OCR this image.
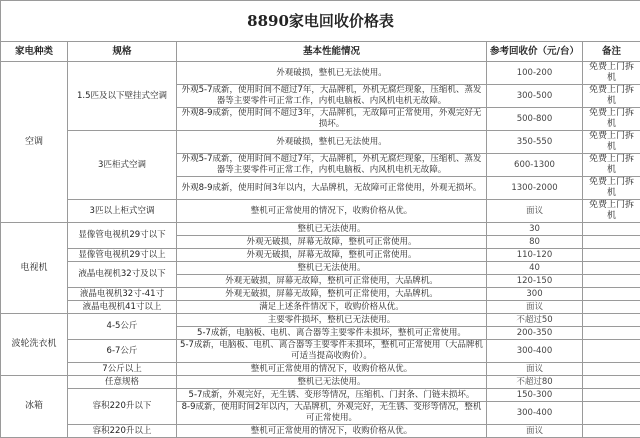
8890家电回收价格表				
家电种类	规格	基本性能情况	参考回收价（元/台）	备注
空调	1.5匹及以下壁挂式空调	外观破损，整机已无法使用。	100-200	免费上门拆机
		外观5-7成新，使用时间不超过7年，大品牌机，外机无腐烂现象，压缩机、蒸发器等主要零件可正常工作，内机电脑板、内风机电机无故障。	300-500	免费上门拆机
		外观8-9成新，使用时间不超过3年，大品牌机，无故障可正常使用，外观完好无损坏。	500-800	免费上门拆机
	3匹柜式空调	外观破损，整机已无法使用。	350-550	免费上门拆机
		外观5-7成新，使用时间不超过7年，大品牌机，外机无腐烂现象，压缩机、蒸发器等主要零件可正常工作，内机电脑板、内风机电机无故障。	600-1300	免费上门拆机
		外观8-9成新，使用时间3年以内，大品牌机，无故障可正常使用，外观无损坏。	1300-2000	免费上门拆机
	3匹以上柜式空调	整机可正常使用的情况下，收购价格从优。	面议	免费上门拆机
电视机	显像管电视机29寸以下	整机已无法使用。	30	
		外观无破损，屏幕无故障，整机可正常使用。	80	
	显像管电视机29寸以上	外观无破损，屏幕无故障，整机可正常使用。	110-120	
	液晶电视机32寸及以下	整机已无法使用。	40	
		外观无破损，屏幕无故障，整机可正常使用，大品牌机。	120-150	
	液晶电视机32寸-41寸	外观无破损，屏幕无故障，整机可正常使用，大品牌机。	300	
	液晶电视机41寸以上	满足上述条件情况下，收购价格从优。	面议	
波轮洗衣机	4-5公斤	主要零件损坏，整机已无法使用。	不超过50	
		5-7成新，电脑板、电机、离合器等主要零件未损坏，整机可正常使用。	200-350	
	6-7公斤	5-7成新，电脑板、电机、离合器等主要零件未损坏，整机可正常使用（大品牌机可适当提高收购价）。	300-400	
	7公斤以上	整机可正常使用的情况下，收购价格从优。	面议	
冰箱	任意规格	整机已无法使用。	不超过80	
	容积220升以下	5-7成新，外观完好，无生锈、变形等情况，压缩机、门封条、门链未损坏。	150-300	
		8-9成新，使用时间2年以内，大品牌机，外观完好，无生锈、变形等情况，整机可正常使用。	300-400	
	容积220升以上	整机可正常使用的情况下，收购价格从优。	面议	
